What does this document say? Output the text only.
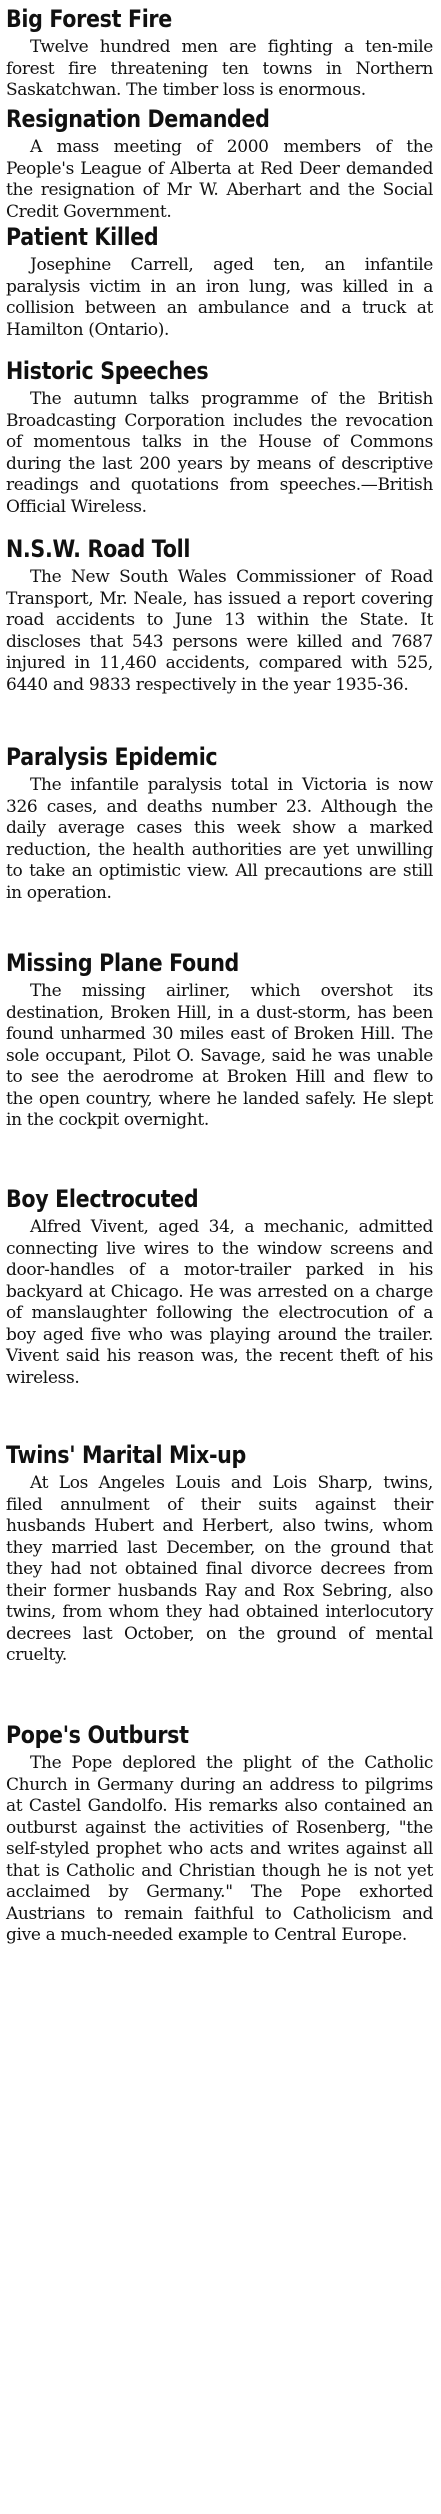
Big Forest Fire

Twelve hundred men are fighting a ten-mile forest fire threatening ten towns in Northern Saskatchwan. The timber loss is enormous.

Resignation Demanded

A mass meeting of 2000 members of the People's League of Alberta at Red Deer demanded the resignation of Mr W. Aberhart and the Social Credit Government.

Patient Killed

Josephine Carrell, aged ten, an infantile paralysis victim in an iron lung, was killed in a collision between an ambulance and a truck at Hamilton (Ontario).

Historic Speeches

The autumn talks programme of the British Broadcasting Corporation includes the revocation of momentous talks in the House of Commons during the last 200 years by means of descriptive readings and quotations from speeches.—British Official Wireless.

N.S.W. Road Toll

The New South Wales Commissioner of Road Transport, Mr. Neale, has issued a report covering road accidents to June 13 within the State. It discloses that 543 persons were killed and 7687 injured in 11,460 accidents, compared with 525, 6440 and 9833 respectively in the year 1935-36.

Paralysis Epidemic

The infantile paralysis total in Victoria is now 326 cases, and deaths number 23. Although the daily average cases this week show a marked reduction, the health authorities are yet unwilling to take an optimistic view. All precautions are still in operation.

Missing Plane Found

The missing airliner, which overshot its destination, Broken Hill, in a dust-storm, has been found unharmed 30 miles east of Broken Hill. The sole occupant, Pilot O. Savage, said he was unable to see the aerodrome at Broken Hill and flew to the open country, where he landed safely. He slept in the cockpit overnight.

Boy Electrocuted

Alfred Vivent, aged 34, a mechanic, admitted connecting live wires to the window screens and door-handles of a motor-trailer parked in his backyard at Chicago. He was arrested on a charge of manslaughter following the electrocution of a boy aged five who was playing around the trailer. Vivent said his reason was, the recent theft of his wireless.

Twins' Marital Mix-up

At Los Angeles Louis and Lois Sharp, twins, filed annulment of their suits against their husbands Hubert and Herbert, also twins, whom they married last December, on the ground that they had not obtained final divorce decrees from their former husbands Ray and Rox Sebring, also twins, from whom they had obtained interlocutory decrees last October, on the ground of mental cruelty.

Pope's Outburst

The Pope deplored the plight of the Catholic Church in Germany during an address to pilgrims at Castel Gandolfo. His remarks also contained an outburst against the activities of Rosenberg, "the self-styled prophet who acts and writes against all that is Catholic and Christian though he is not yet acclaimed by Germany." The Pope exhorted Austrians to remain faithful to Catholicism and give a much-needed example to Central Europe.
